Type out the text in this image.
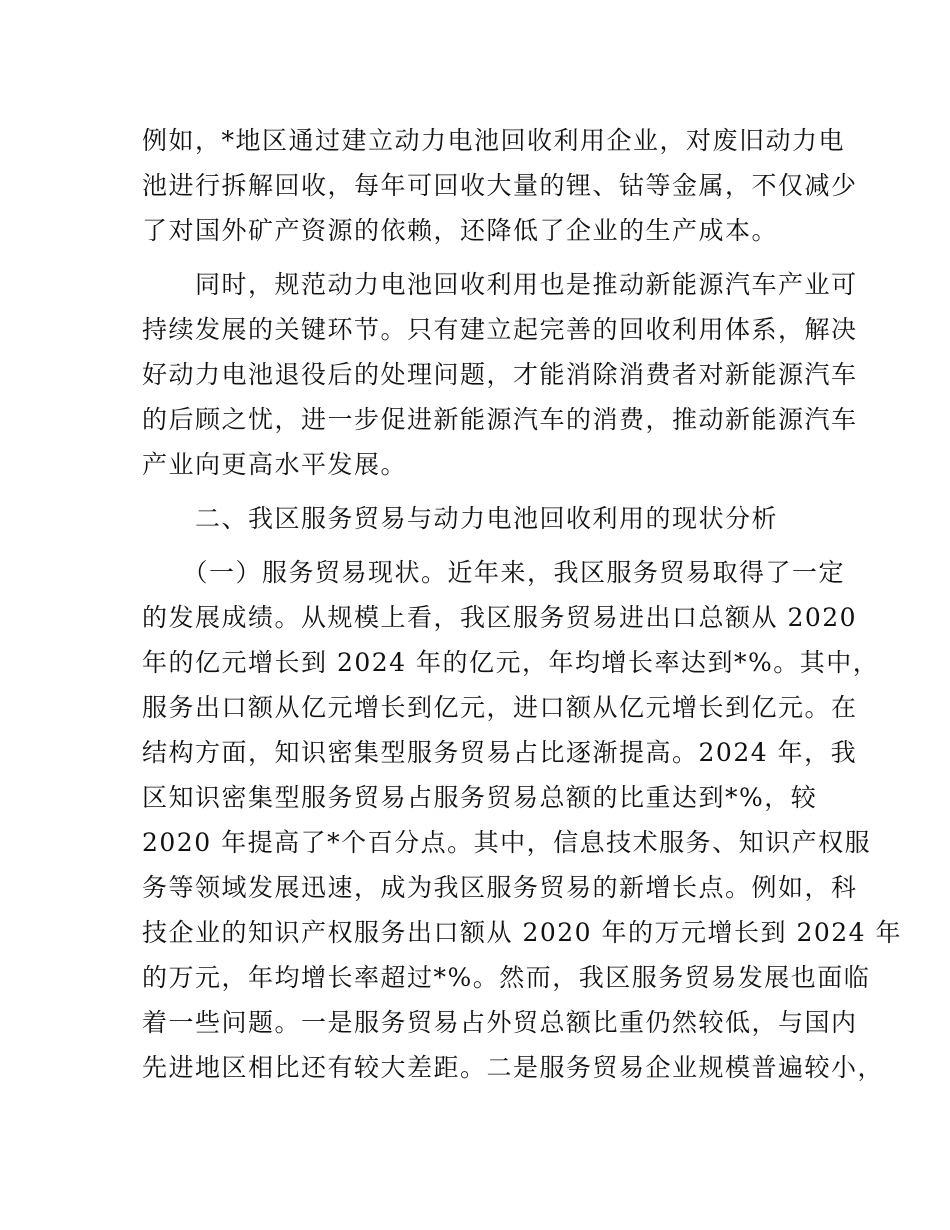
例如，*地区通过建立动力电池回收利用企业，对废旧动力电
池进行拆解回收，每年可回收大量的锂、钴等金属，不仅减少
了对国外矿产资源的依赖，还降低了企业的生产成本。
　　同时，规范动力电池回收利用也是推动新能源汽车产业可
持续发展的关键环节。只有建立起完善的回收利用体系，解决
好动力电池退役后的处理问题，才能消除消费者对新能源汽车
的后顾之忧，进一步促进新能源汽车的消费，推动新能源汽车
产业向更高水平发展。
　　二、我区服务贸易与动力电池回收利用的现状分析
　　（一）服务贸易现状。近年来，我区服务贸易取得了一定
的发展成绩。从规模上看，我区服务贸易进出口总额从 2020
年的亿元增长到 2024 年的亿元，年均增长率达到*%。其中，
服务出口额从亿元增长到亿元，进口额从亿元增长到亿元。在
结构方面，知识密集型服务贸易占比逐渐提高。2024 年，我
区知识密集型服务贸易占服务贸易总额的比重达到*%，较
2020 年提高了*个百分点。其中，信息技术服务、知识产权服
务等领域发展迅速，成为我区服务贸易的新增长点。例如，科
技企业的知识产权服务出口额从 2020 年的万元增长到 2024 年
的万元，年均增长率超过*%。然而，我区服务贸易发展也面临
着一些问题。一是服务贸易占外贸总额比重仍然较低，与国内
先进地区相比还有较大差距。二是服务贸易企业规模普遍较小，
